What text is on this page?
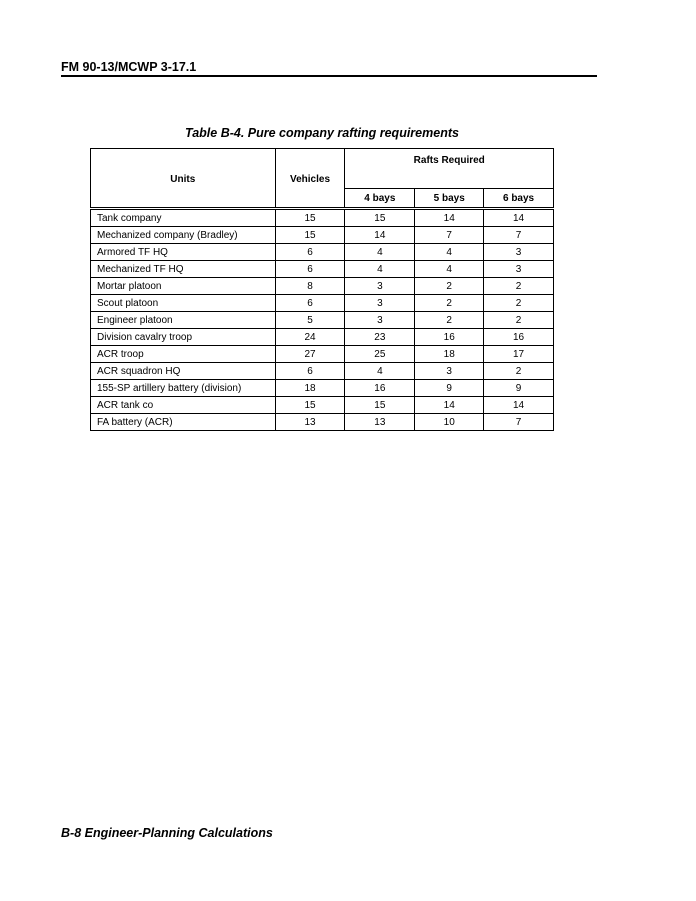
FM 90-13/MCWP 3-17.1
Table B-4. Pure company rafting requirements
Units	Vehicles	Rafts Required		
		4 bays	5 bays	6 bays
Tank company	15	15	14	14
Mechanized company (Bradley)	15	14	7	7
Armored TF HQ	6	4	4	3
Mechanized TF HQ	6	4	4	3
Mortar platoon	8	3	2	2
Scout platoon	6	3	2	2
Engineer platoon	5	3	2	2
Division cavalry troop	24	23	16	16
ACR troop	27	25	18	17
ACR squadron HQ	6	4	3	2
155-SP artillery battery (division)	18	16	9	9
ACR tank co	15	15	14	14
FA battery (ACR)	13	13	10	7
B-8 Engineer-Planning Calculations
